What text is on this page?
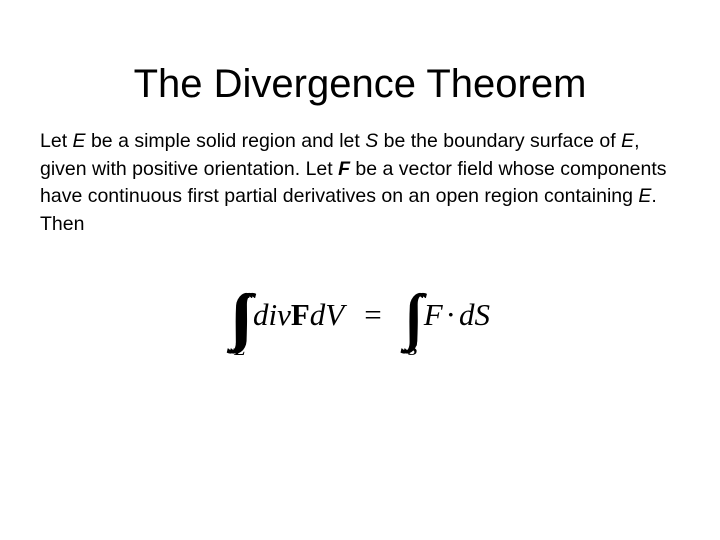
The Divergence Theorem

Let E be a simple solid region and let S be the boundary surface of E, given with positive orientation. Let F be a vector field whose components have continuous first partial derivatives on an open region containing E. Then

∫∫∫
E
divFdV = ∫∫
S
F·dS
